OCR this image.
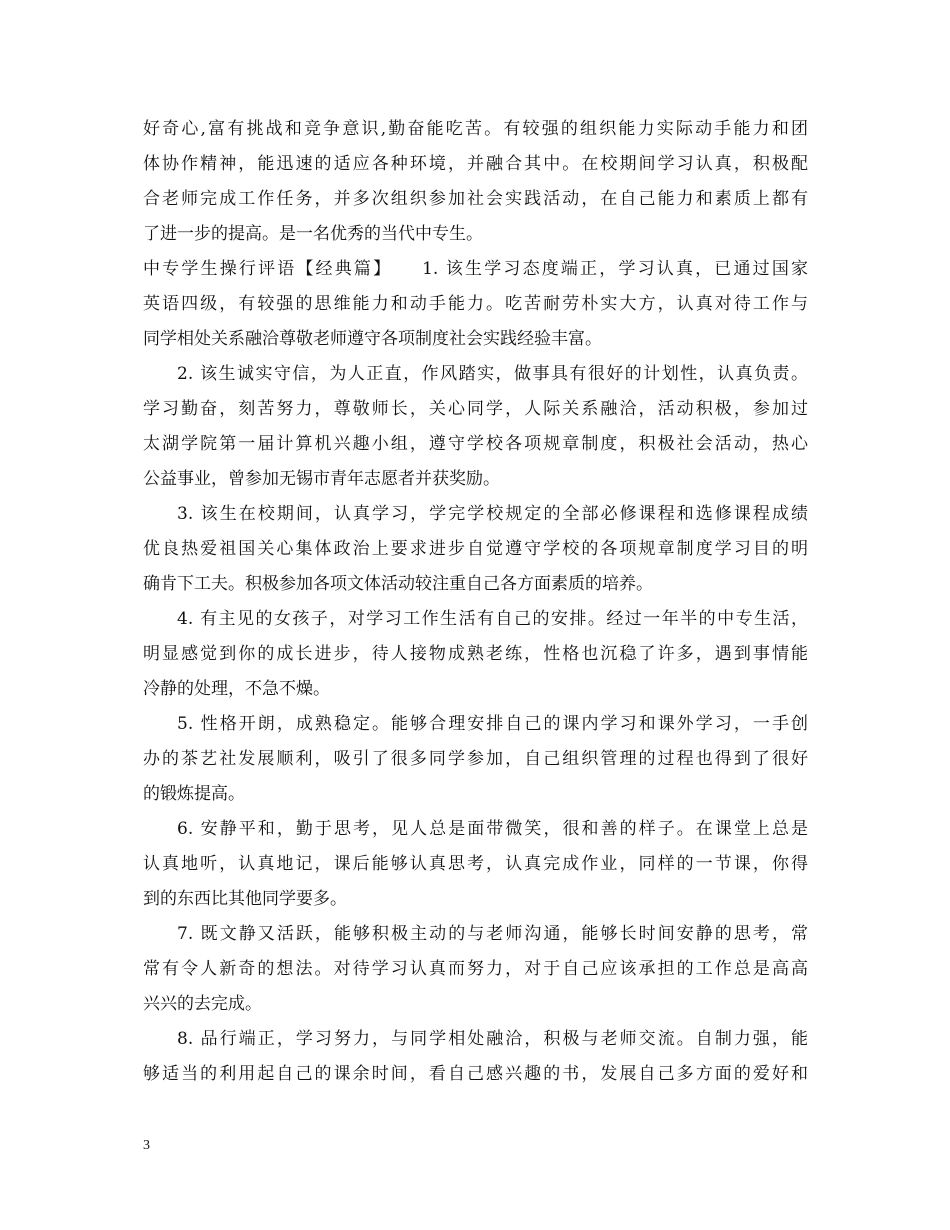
好奇心,富有挑战和竞争意识,勤奋能吃苦。有较强的组织能力实际动手能力和团
体协作精神，能迅速的适应各种环境，并融合其中。在校期间学习认真，积极配
合老师完成工作任务，并多次组织参加社会实践活动，在自己能力和素质上都有
了进一步的提高。是一名优秀的当代中专生。
中专学生操行评语【经典篇】　　1. 该生学习态度端正，学习认真，已通过国家
英语四级，有较强的思维能力和动手能力。吃苦耐劳朴实大方，认真对待工作与
同学相处关系融洽尊敬老师遵守各项制度社会实践经验丰富。
2. 该生诚实守信，为人正直，作风踏实，做事具有很好的计划性，认真负责。
学习勤奋，刻苦努力，尊敬师长，关心同学，人际关系融洽，活动积极，参加过
太湖学院第一届计算机兴趣小组，遵守学校各项规章制度，积极社会活动，热心
公益事业，曾参加无锡市青年志愿者并获奖励。
3. 该生在校期间，认真学习，学完学校规定的全部必修课程和选修课程成绩
优良热爱祖国关心集体政治上要求进步自觉遵守学校的各项规章制度学习目的明
确肯下工夫。积极参加各项文体活动较注重自己各方面素质的培养。
4. 有主见的女孩子，对学习工作生活有自己的安排。经过一年半的中专生活，
明显感觉到你的成长进步，待人接物成熟老练，性格也沉稳了许多，遇到事情能
冷静的处理，不急不燥。
5. 性格开朗，成熟稳定。能够合理安排自己的课内学习和课外学习，一手创
办的茶艺社发展顺利，吸引了很多同学参加，自己组织管理的过程也得到了很好
的锻炼提高。
6. 安静平和，勤于思考，见人总是面带微笑，很和善的样子。在课堂上总是
认真地听，认真地记，课后能够认真思考，认真完成作业，同样的一节课，你得
到的东西比其他同学要多。
7. 既文静又活跃，能够积极主动的与老师沟通，能够长时间安静的思考，常
常有令人新奇的想法。对待学习认真而努力，对于自己应该承担的工作总是高高
兴兴的去完成。
8. 品行端正，学习努力，与同学相处融洽，积极与老师交流。自制力强，能
够适当的利用起自己的课余时间，看自己感兴趣的书，发展自己多方面的爱好和
3
